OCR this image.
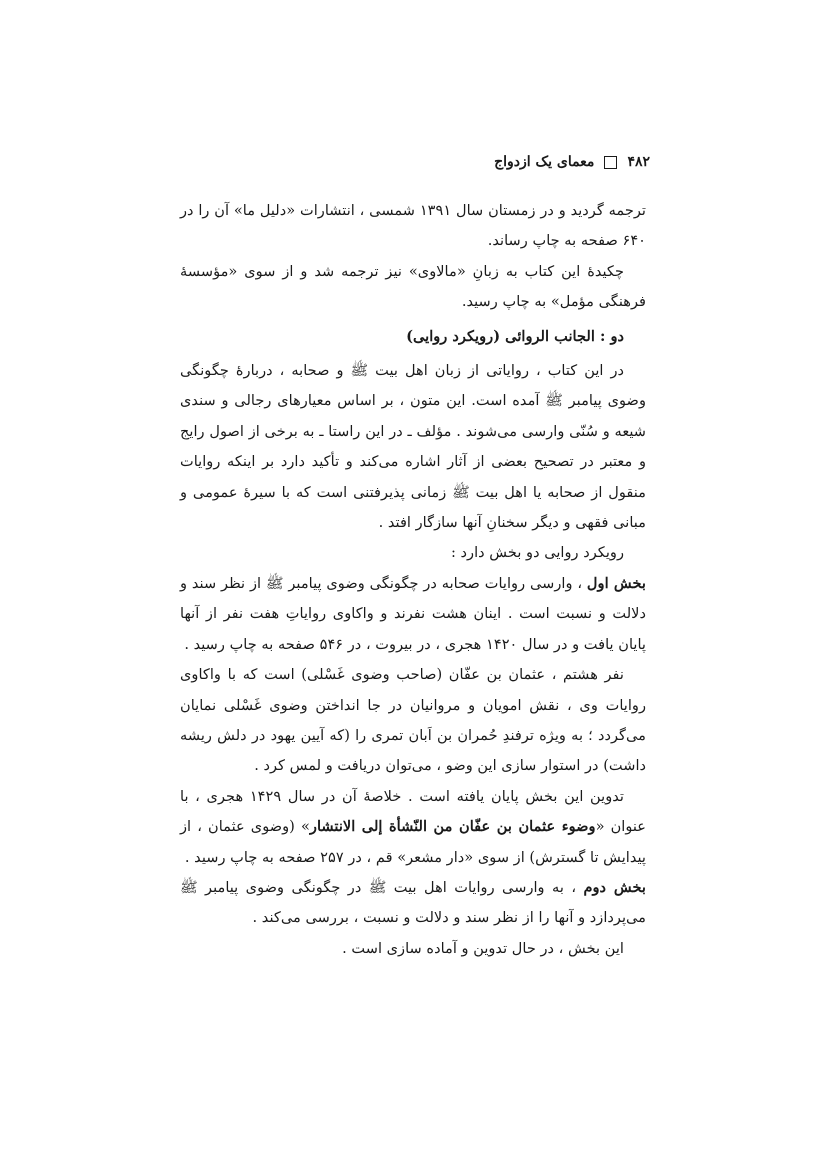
۴۸۲
معمای یک ازدواج

ترجمه گردید و در زمستان سال ۱۳۹۱ شمسی ، انتشارات «دلیل ما» آن را در ۶۴۰ صفحه به چاپ رساند.

چکیدهٔ این کتاب به زبانِ «مالاوی» نیز ترجمه شد و از سوی «مؤسسهٔ فرهنگی مؤمل» به چاپ رسید.

دو : الجانب الروائی (رویکرد روایی)

در این کتاب ، روایاتی از زبان اهل بیت ﷺ و صحابه ، دربارهٔ چگونگی وضوی پیامبر ﷺ آمده است. این متون ، بر اساس معیارهای رجالی و سندی شیعه و سُنّی وارسی می‌شوند . مؤلف ـ در این راستا ـ به برخی از اصول رایج و معتبر در تصحیح بعضی از آثار اشاره می‌کند و تأکید دارد بر اینکه روایات منقول از صحابه یا اهل بیت ﷺ زمانی پذیرفتنی است که با سیرهٔ عمومی و مبانی فقهی و دیگر سخنانِ آنها سازگار افتد .

رویکرد روایی دو بخش دارد :

بخش اول ، وارسی روایات صحابه در چگونگی وضوی پیامبر ﷺ از نظر سند و دلالت و نسبت است . اینان هشت نفرند و واکاوی روایاتِ هفت نفر از آنها پایان یافت و در سال ۱۴۲۰ هجری ، در بیروت ، در ۵۴۶ صفحه به چاپ رسید .

نفر هشتم ، عثمان بن عفّان (صاحب وضوی غَسْلی) است که با واکاوی روایات وی ، نقش امویان و مروانیان در جا انداختن وضوی غَسْلی نمایان می‌گردد ؛ به ویژه ترفندِ حُمران بن اَبان تمری را (که آیین یهود در دلش ریشه داشت) در استوار سازی این وضو ، می‌توان دریافت و لمس کرد .

تدوین این بخش پایان یافته است . خلاصهٔ آن در سال ۱۴۲۹ هجری ، با عنوان «وضوء عثمان بن عفّان من النّشأة إلی الانتشار» (وضوی عثمان ، از پیدایش تا گسترش) از سوی «دار مشعر» قم ، در ۲۵۷ صفحه به چاپ رسید .

بخش دوم ، به وارسی روایات اهل بیت ﷺ در چگونگی وضوی پیامبر ﷺ می‌پردازد و آنها را از نظر سند و دلالت و نسبت ، بررسی می‌کند .

این بخش ، در حال تدوین و آماده سازی است .
